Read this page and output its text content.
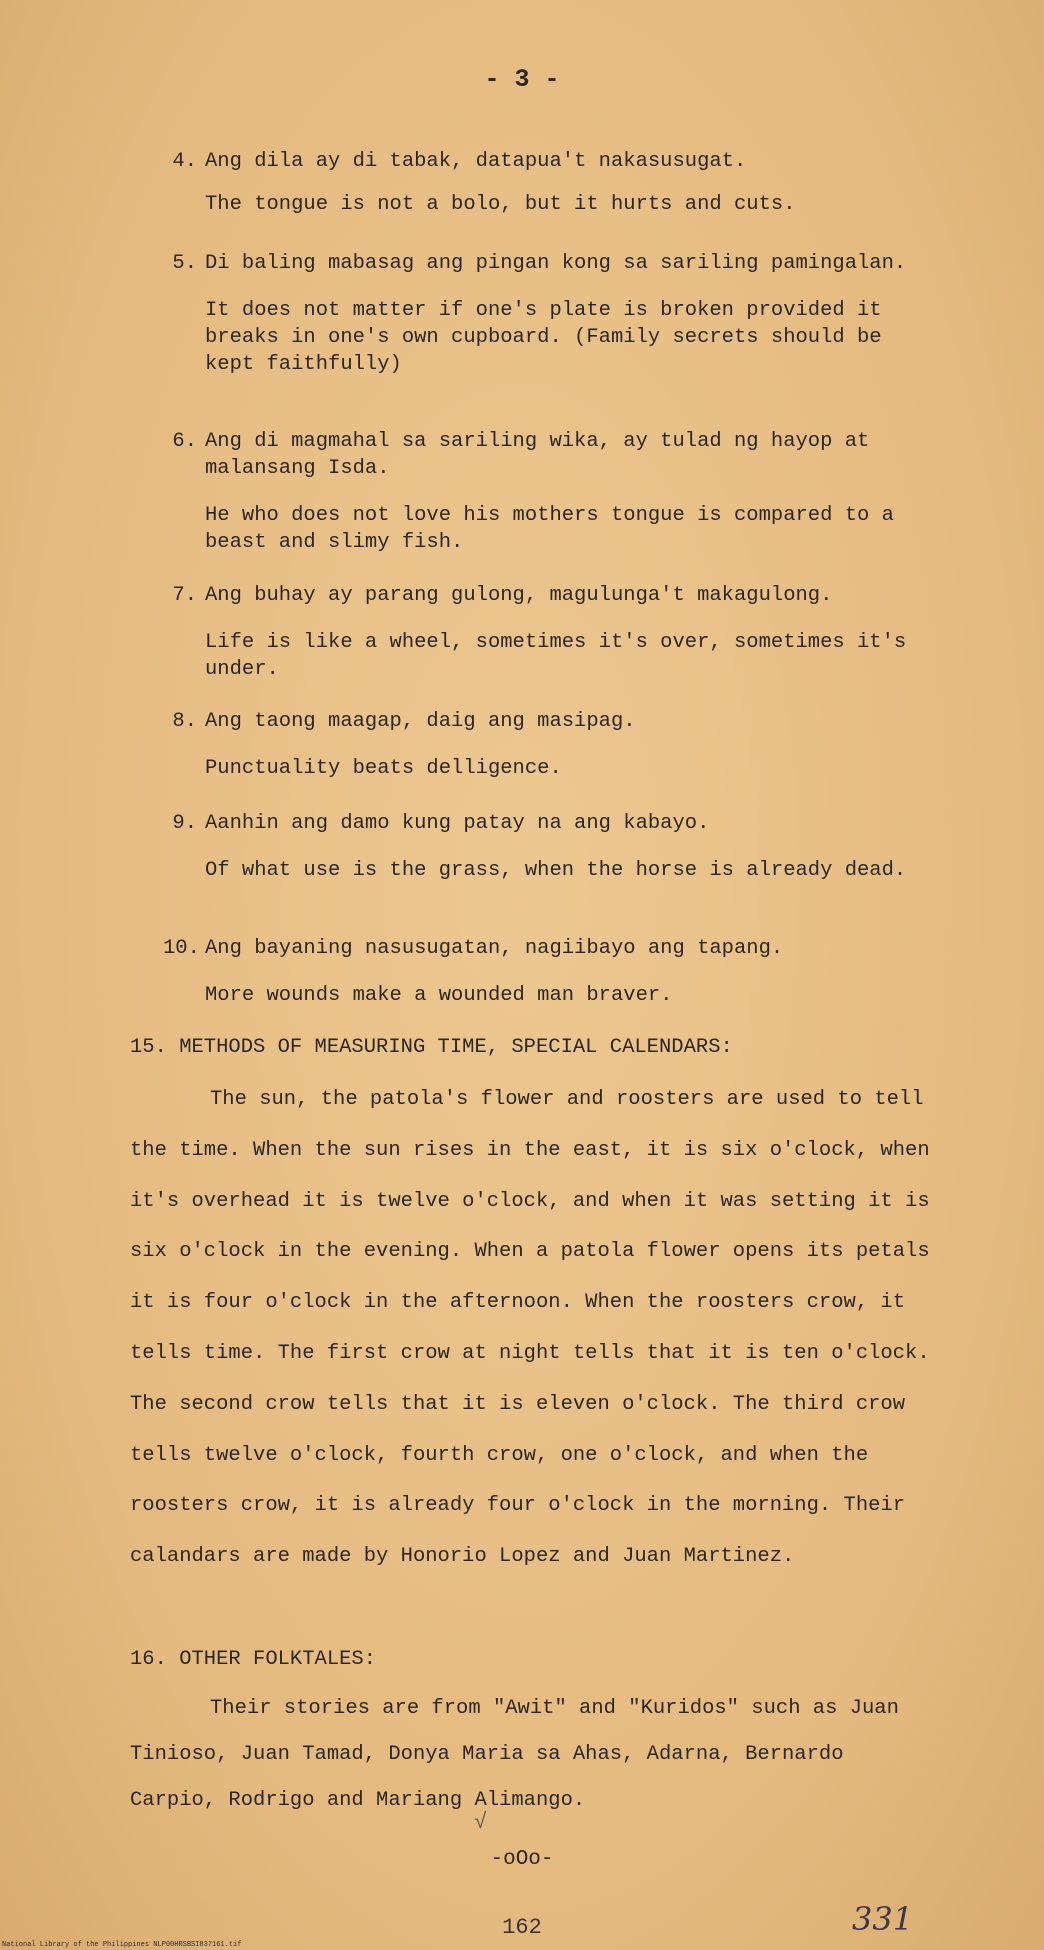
- 3 -
4. Ang dila ay di tabak, datapua't nakasusugat.
The tongue is not a bolo, but it hurts and cuts.
5. Di baling mabasag ang pingan kong sa sariling pamingalan.
It does not matter if one's plate is broken provided it breaks in one's own cupboard. (Family secrets should be kept faithfully)
6. Ang di magmahal sa sariling wika, ay tulad ng hayop at malansang Isda.
He who does not love his mothers tongue is compared to a beast and slimy fish.
7. Ang buhay ay parang gulong, magulunga't makagulong.
Life is like a wheel, sometimes it's over, sometimes it's under.
8. Ang taong maagap, daig ang masipag.
Punctuality beats delligence.
9. Aanhin ang damo kung patay na ang kabayo.
Of what use is the grass, when the horse is already dead.
10. Ang bayaning nasusugatan, nagiibayo ang tapang.
More wounds make a wounded man braver.
15. METHODS OF MEASURING TIME, SPECIAL CALENDARS:
The sun, the patola's flower and roosters are used to tell the time. When the sun rises in the east, it is six o'clock, when it's overhead it is twelve o'clock, and when it was setting it is six o'clock in the evening. When a patola flower opens its petals it is four o'clock in the afternoon. When the roosters crow, it tells time. The first crow at night tells that it is ten o'clock. The second crow tells that it is eleven o'clock. The third crow tells twelve o'clock, fourth crow, one o'clock, and when the roosters crow, it is already four o'clock in the morning. Their calandars are made by Honorio Lopez and Juan Martinez.
16. OTHER FOLKTALES:
Their stories are from "Awit" and "Kuridos" such as Juan Tinioso, Juan Tamad, Donya Maria sa Ahas, Adarna, Bernardo Carpio, Rodrigo and Mariang Alimango.
√
-oOo-
162	331
National Library of the Philippines NLP00HRSBSI837161.tif
